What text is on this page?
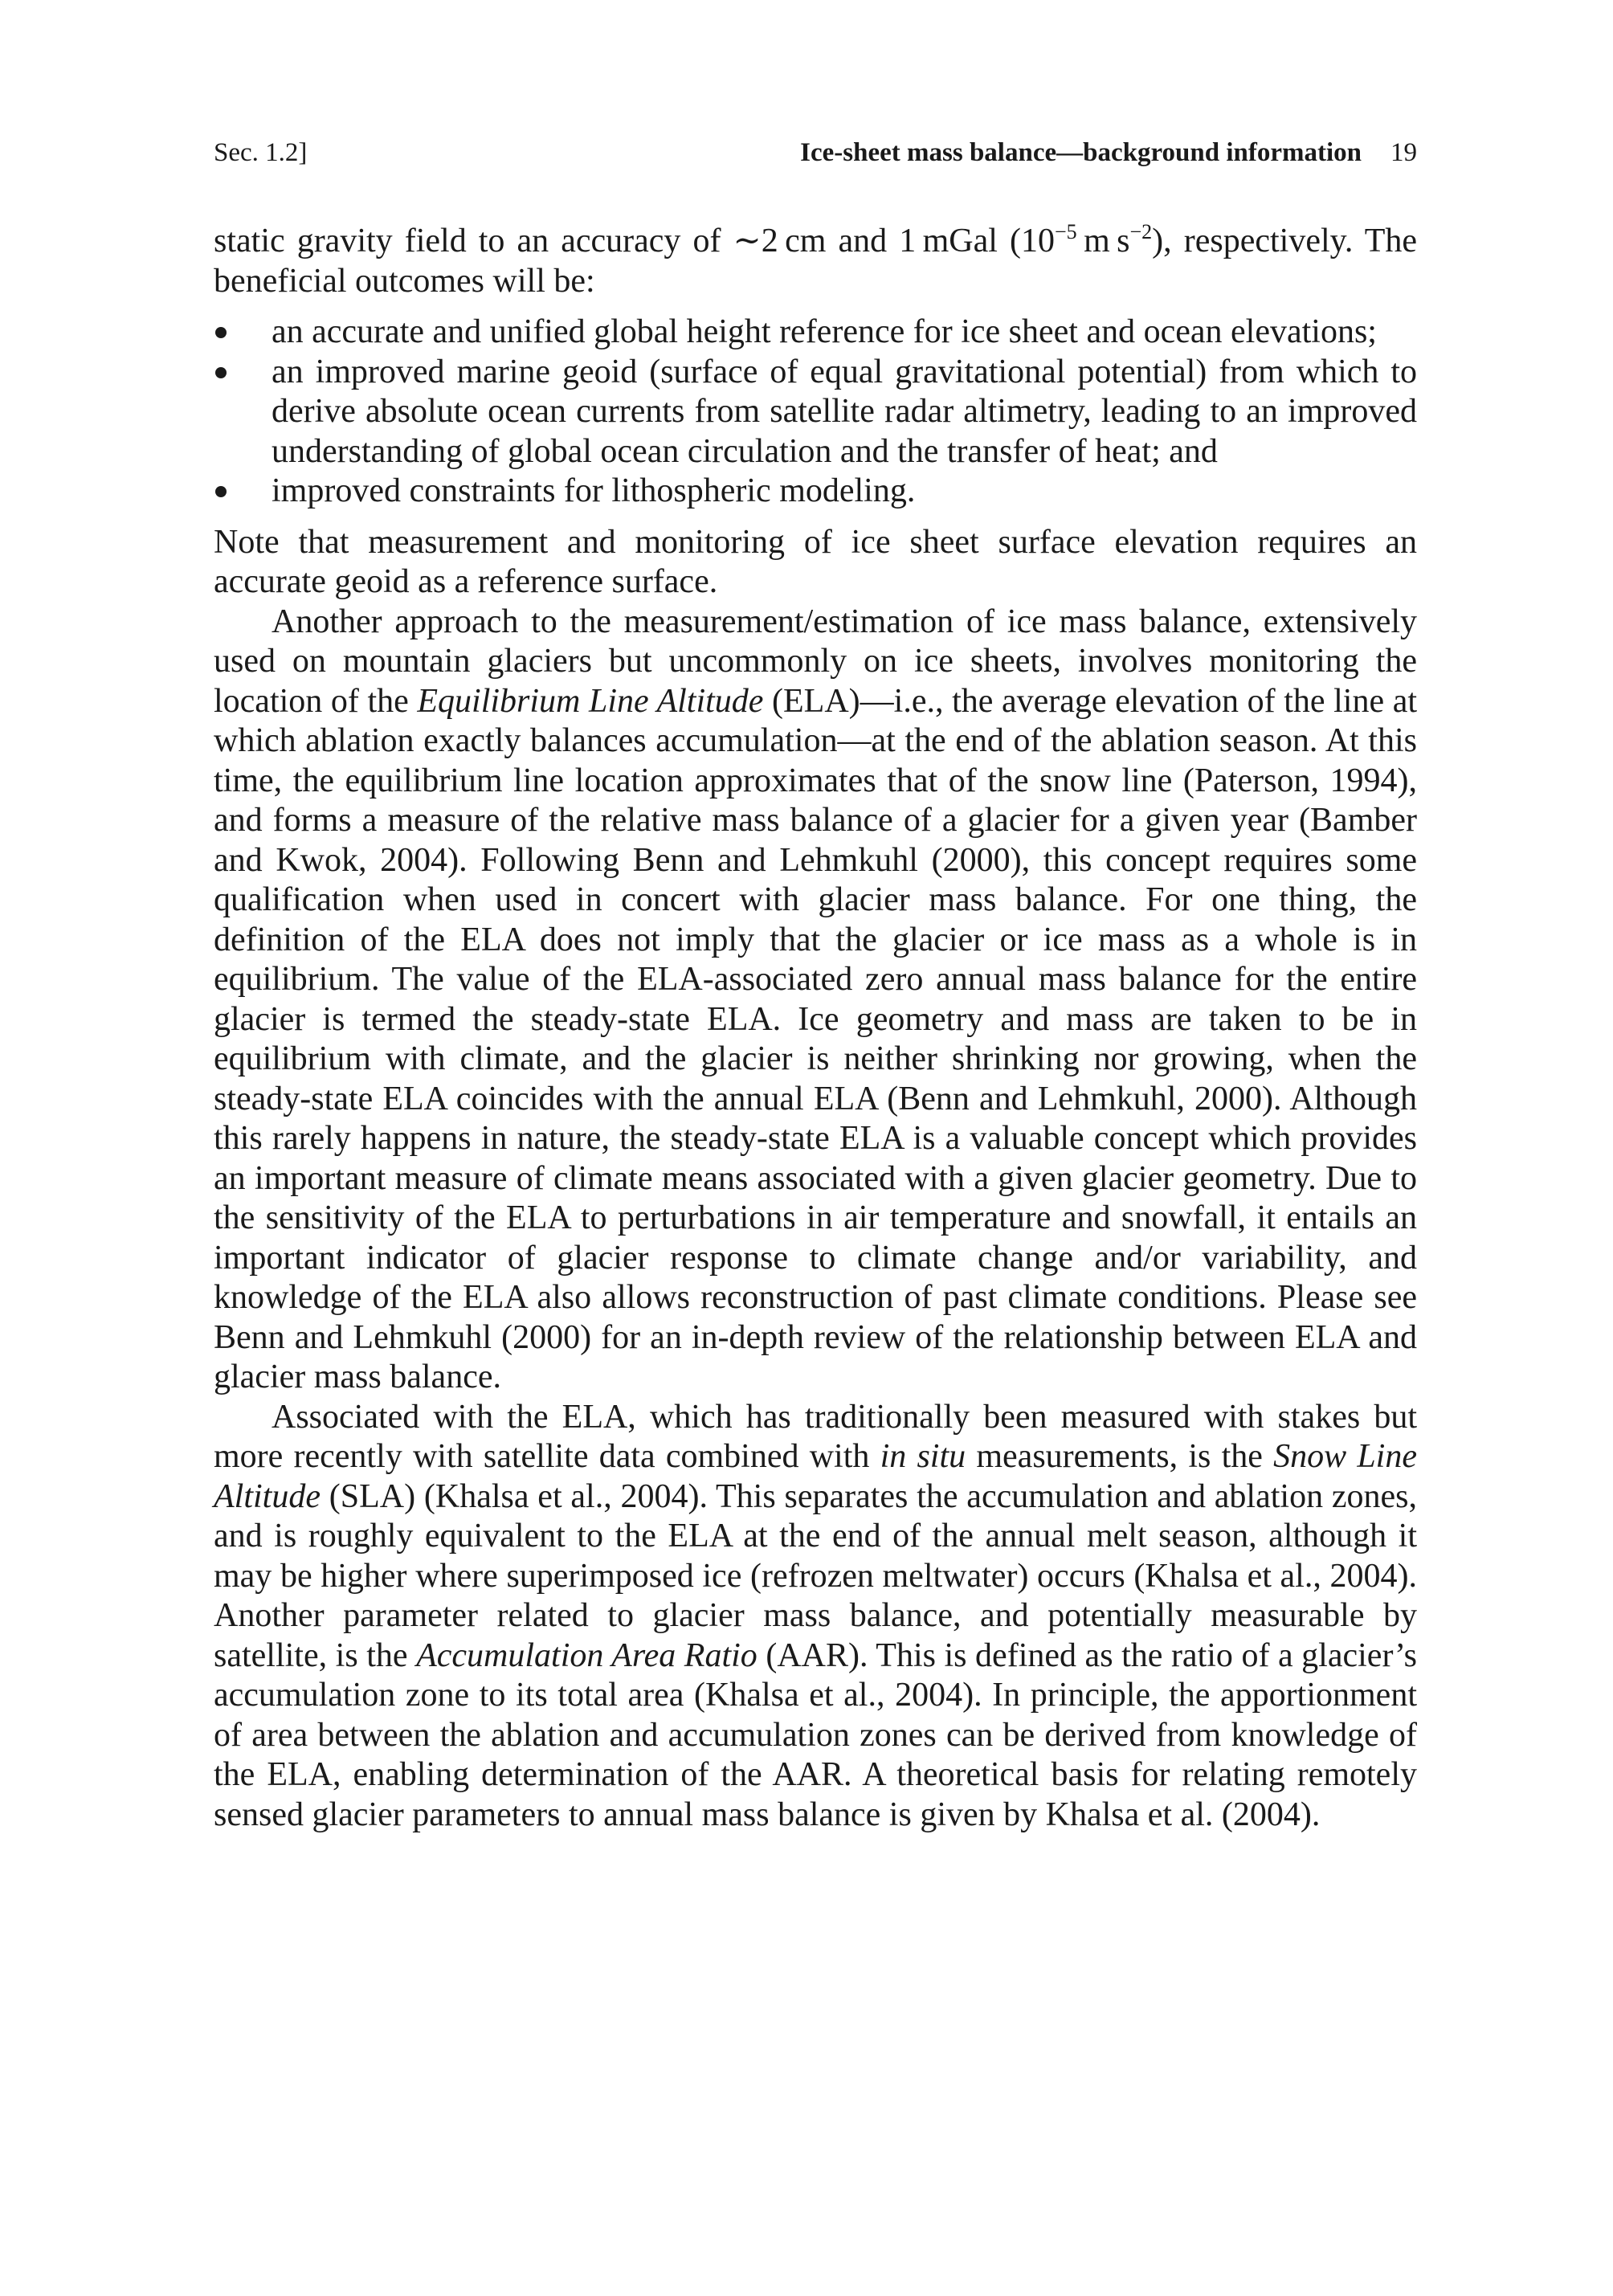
Sec. 1.2]	Ice-sheet mass balance—background information 19

static gravity field to an accuracy of ∼2 cm and 1 mGal ($10^{-5}$ m $s^{-2}$), respectively. The beneficial outcomes will be:

an accurate and unified global height reference for ice sheet and ocean elevations;
an improved marine geoid (surface of equal gravitational potential) from which to derive absolute ocean currents from satellite radar altimetry, leading to an improved understanding of global ocean circulation and the transfer of heat; and
improved constraints for lithospheric modeling.

Note that measurement and monitoring of ice sheet surface elevation requires an accurate geoid as a reference surface.

Another approach to the measurement/estimation of ice mass balance, extensively used on mountain glaciers but uncommonly on ice sheets, involves monitoring the location of the Equilibrium Line Altitude (ELA)—i.e., the average elevation of the line at which ablation exactly balances accumulation—at the end of the ablation season. At this time, the equilibrium line location approximates that of the snow line (Paterson, 1994), and forms a measure of the relative mass balance of a glacier for a given year (Bamber and Kwok, 2004). Following Benn and Lehmkuhl (2000), this concept requires some qualification when used in concert with glacier mass balance. For one thing, the definition of the ELA does not imply that the glacier or ice mass as a whole is in equilibrium. The value of the ELA-associated zero annual mass balance for the entire glacier is termed the steady-state ELA. Ice geometry and mass are taken to be in equilibrium with climate, and the glacier is neither shrinking nor growing, when the steady-state ELA coincides with the annual ELA (Benn and Lehmkuhl, 2000). Although this rarely happens in nature, the steady-state ELA is a valuable concept which provides an important measure of climate means associated with a given glacier geometry. Due to the sensitivity of the ELA to perturbations in air temperature and snowfall, it entails an important indicator of glacier response to climate change and/or variability, and knowledge of the ELA also allows reconstruction of past climate conditions. Please see Benn and Lehmkuhl (2000) for an in-depth review of the relationship between ELA and glacier mass balance.

Associated with the ELA, which has traditionally been measured with stakes but more recently with satellite data combined with in situ measurements, is the Snow Line Altitude (SLA) (Khalsa et al., 2004). This separates the accumulation and ablation zones, and is roughly equivalent to the ELA at the end of the annual melt season, although it may be higher where superimposed ice (refrozen meltwater) occurs (Khalsa et al., 2004). Another parameter related to glacier mass balance, and potentially measurable by satellite, is the Accumulation Area Ratio (AAR). This is defined as the ratio of a glacier’s accumulation zone to its total area (Khalsa et al., 2004). In principle, the apportionment of area between the ablation and accumulation zones can be derived from knowledge of the ELA, enabling determination of the AAR. A theoretical basis for relating remotely sensed glacier parameters to annual mass balance is given by Khalsa et al. (2004).
